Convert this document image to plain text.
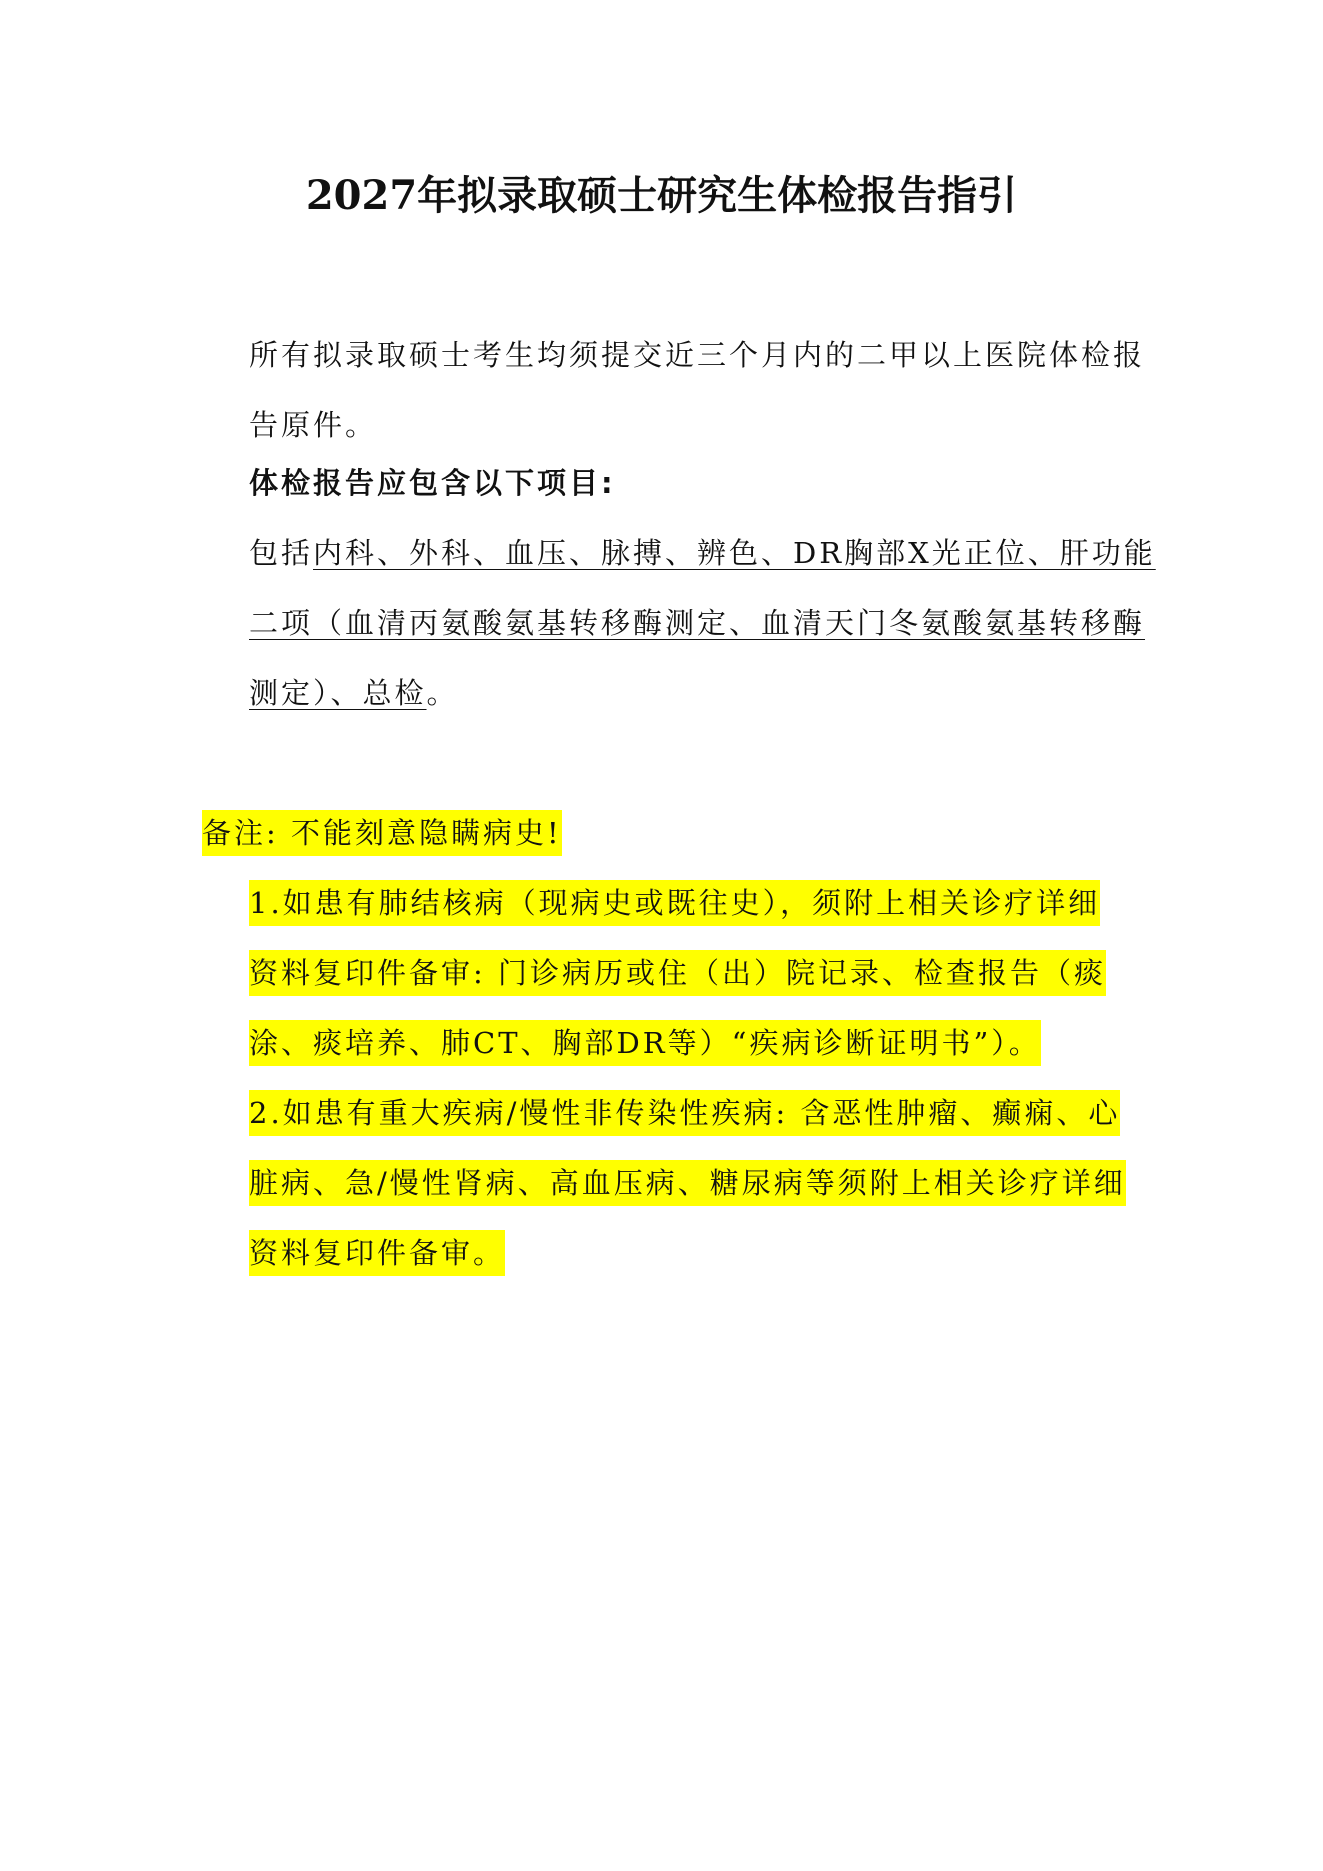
2027年拟录取硕士研究生体检报告指引

所有拟录取硕士考生均须提交近三个月内的二甲以上医院体检报告原件。

体检报告应包含以下项目:

包括内科、外科、血压、脉搏、辨色、DR胸部X光正位、肝功能二项（血清丙氨酸氨基转移酶测定、血清天门冬氨酸氨基转移酶测定）、总检。

备注: 不能刻意隐瞒病史!

1.如患有肺结核病（现病史或既往史），须附上相关诊疗详细资料复印件备审: 门诊病历或住（出）院记录、检查报告（痰涂、痰培养、肺CT、胸部DR等）“疾病诊断证明书”）。

2.如患有重大疾病/慢性非传染性疾病: 含恶性肿瘤、癫痫、心脏病、急/慢性肾病、高血压病、糖尿病等须附上相关诊疗详细资料复印件备审。
